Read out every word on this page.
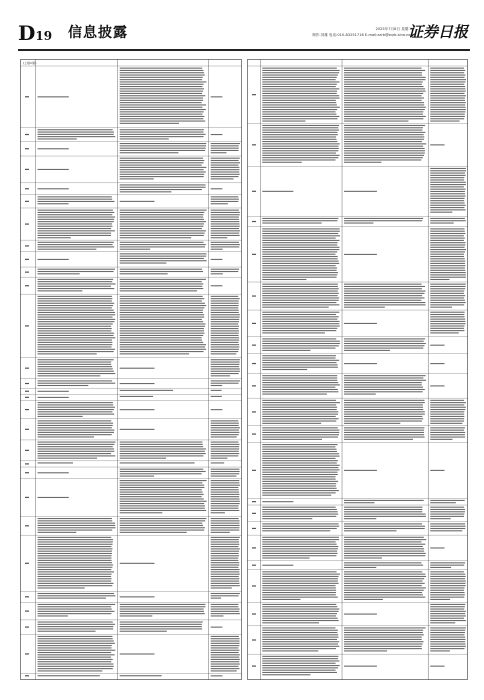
D19 信息披露	2025年7月8日 星期二
制作:刘雄 电话:010-83251716 E-mail:zzrb@zqrb.sina.net
证券日报
(上接C版)
